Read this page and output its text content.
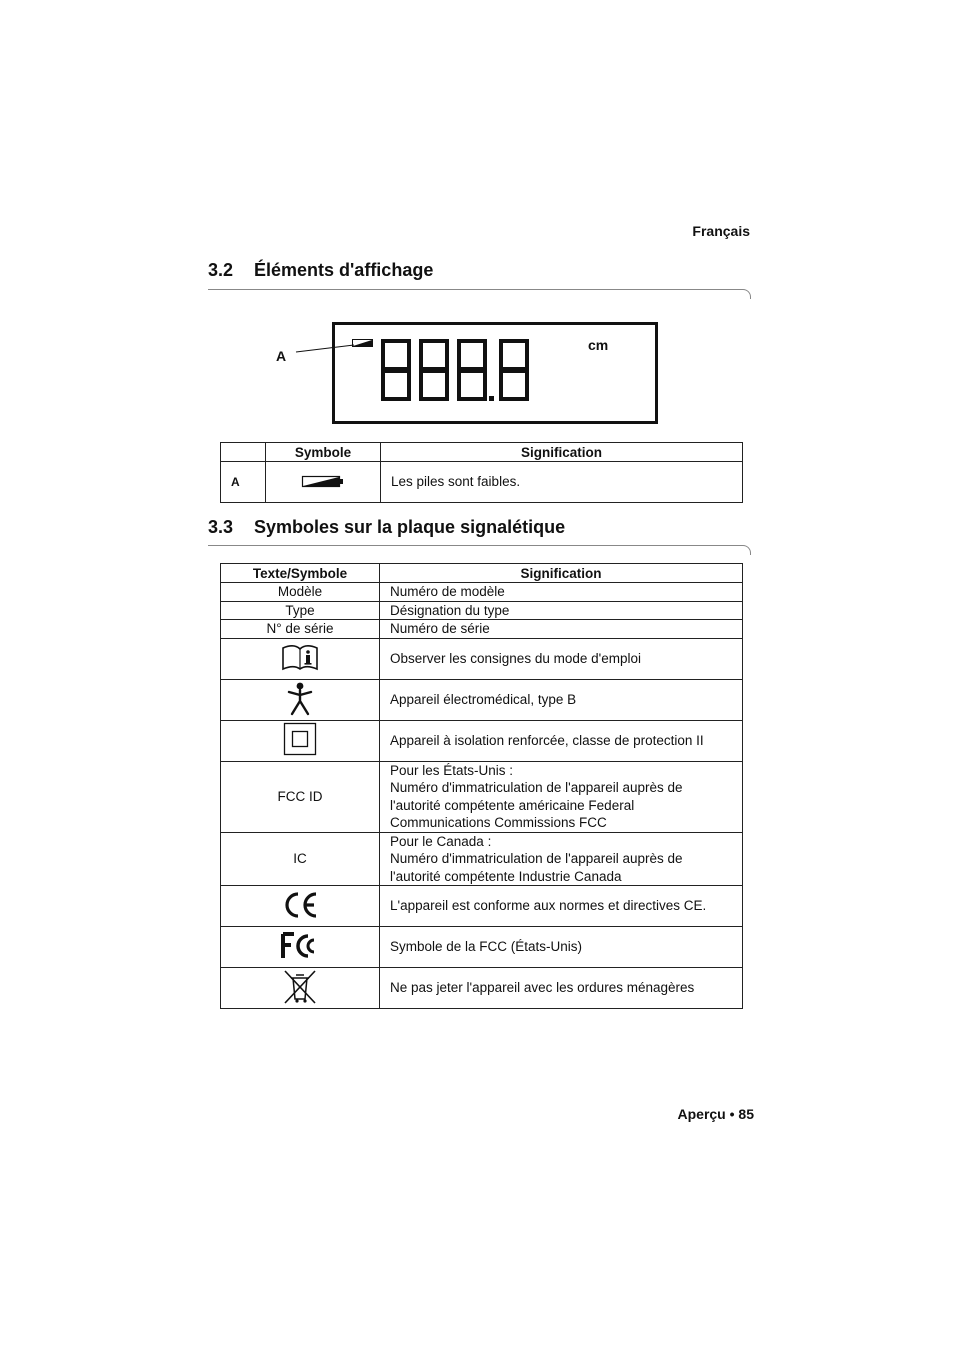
Français
3.2 Éléments d'affichage
A
cm
	Symbole	Signification
A		Les piles sont faibles.
3.3 Symboles sur la plaque signalétique
Texte/Symbole	Signification
Modèle	Numéro de modèle
Type	Désignation du type
N° de série	Numéro de série
	Observer les consignes du mode d'emploi
	Appareil électromédical, type B
	Appareil à isolation renforcée, classe de protection II
FCC ID	Pour les États-Unis :
Numéro d'immatriculation de l'appareil auprès de
l'autorité compétente américaine Federal
Communications Commissions FCC

IC	Pour le Canada :
Numéro d'immatriculation de l'appareil auprès de
l'autorité compétente Industrie Canada

	L'appareil est conforme aux normes et directives CE.
	Symbole de la FCC (États-Unis)
	Ne pas jeter l'appareil avec les ordures ménagères
Aperçu • 85
